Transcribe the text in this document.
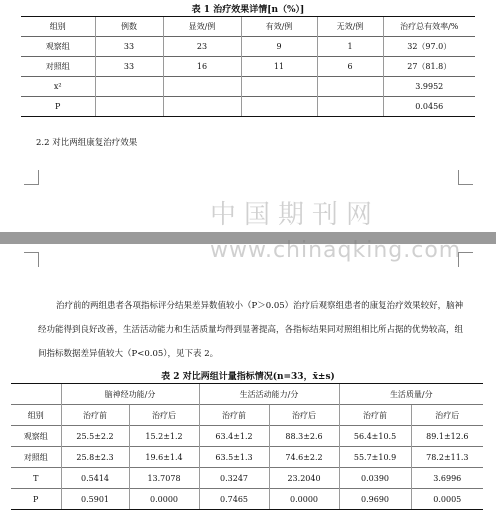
表 1 治疗效果详情[n（%）]
组别	例数	显效/例	有效/例	无效/例	治疗总有效率/%
观察组	33	23	9	1	32（97.0）
对照组	33	16	11	6	27（81.8）
x²					3.9952
P					0.0456
2.2 对比两组康复治疗效果
治疗前的两组患者各项指标评分结果差异数值较小（P＞0.05）治疗后观察组患者的康复治疗效果较好，脑神经功能得到良好改善，生活活动能力和生活质量均得到显著提高，各指标结果同对照组相比所占据的优势较高，组间指标数据差异值较大（P<0.05），见下表 2。
表 2 对比两组计量指标情况(n=33，x̄±s)
	脑神经功能/分		生活活动能力/分		生活质量/分	
组别	治疗前	治疗后	治疗前	治疗后	治疗前	治疗后
观察组	25.5±2.2	15.2±1.2	63.4±1.2	88.3±2.6	56.4±10.5	89.1±12.6
对照组	25.8±2.3	19.6±1.4	63.5±1.3	74.6±2.2	55.7±10.9	78.2±11.3
T	0.5414	13.7078	0.3247	23.2040	0.0390	3.6996
P	0.5901	0.0000	0.7465	0.0000	0.9690	0.0005
中国期刊网
www.chinaqking.com
